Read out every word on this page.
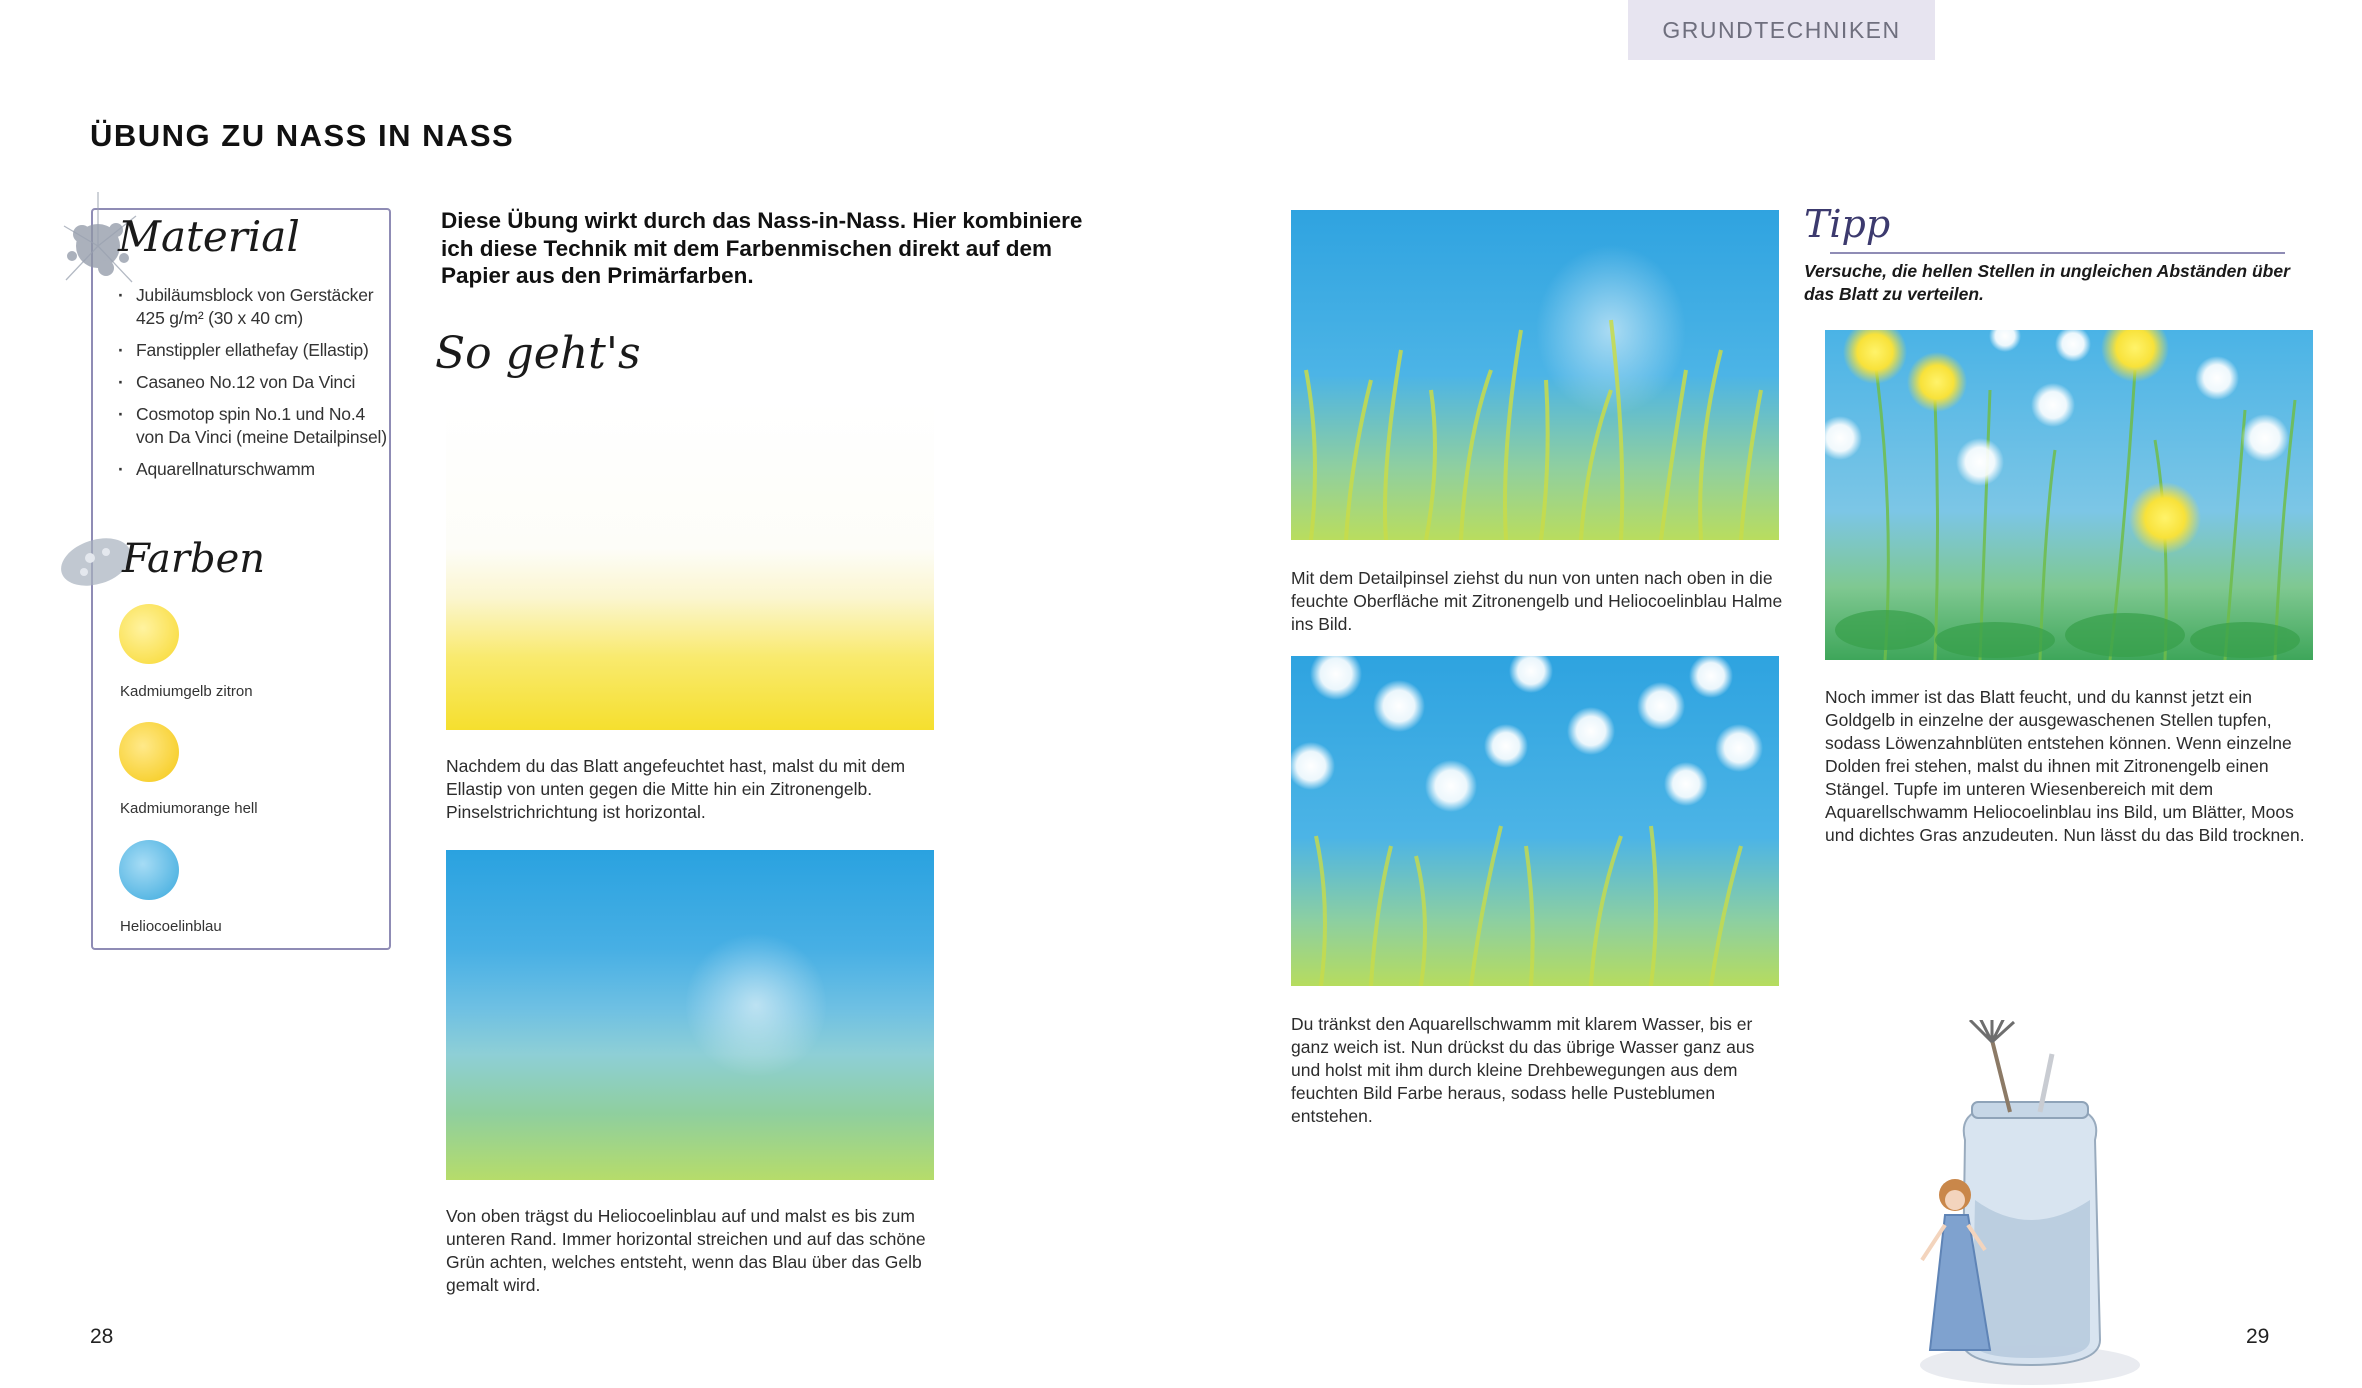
GRUNDTECHNIKEN
ÜBUNG ZU NASS IN NASS
Material
· Jubiläumsblock von Gerstäcker 425 g/m² (30 x 40 cm)
· Fanstippler ellathefay (Ellastip)
· Casaneo No.12 von Da Vinci
· Cosmotop spin No.1 und No.4 von Da Vinci (meine Detailpinsel)
· Aquarellnaturschwamm
Farben
Kadmiumgelb zitron
Kadmiumorange hell
Heliocoelinblau
Diese Übung wirkt durch das Nass-in-Nass. Hier kombiniere ich diese Technik mit dem Farbenmischen direkt auf dem Papier aus den Primärfarben.
So geht's
Nachdem du das Blatt angefeuchtet hast, malst du mit dem Ellastip von unten gegen die Mitte hin ein Zitronengelb. Pinselstrichrichtung ist horizontal.
Von oben trägst du Heliocoelinblau auf und malst es bis zum unteren Rand. Immer horizontal streichen und auf das schöne Grün achten, welches entsteht, wenn das Blau über das Gelb gemalt wird.
Mit dem Detailpinsel ziehst du nun von unten nach oben in die feuchte Oberfläche mit Zitronengelb und Heliocoelinblau Halme ins Bild.
Du tränkst den Aquarellschwamm mit klarem Wasser, bis er ganz weich ist. Nun drückst du das übrige Wasser ganz aus und holst mit ihm durch kleine Drehbewegungen aus dem feuchten Bild Farbe heraus, sodass helle Pusteblumen entstehen.
Tipp
Versuche, die hellen Stellen in ungleichen Abständen über das Blatt zu verteilen.
Noch immer ist das Blatt feucht, und du kannst jetzt ein Goldgelb in einzelne der ausgewaschenen Stellen tupfen, sodass Löwenzahnblüten entstehen können. Wenn einzelne Dolden frei stehen, malst du ihnen mit Zitronengelb einen Stängel. Tupfe im unteren Wiesenbereich mit dem Aquarellschwamm Heliocoelinblau ins Bild, um Blätter, Moos und dichtes Gras anzudeuten. Nun lässt du das Bild trocknen.
28	29
